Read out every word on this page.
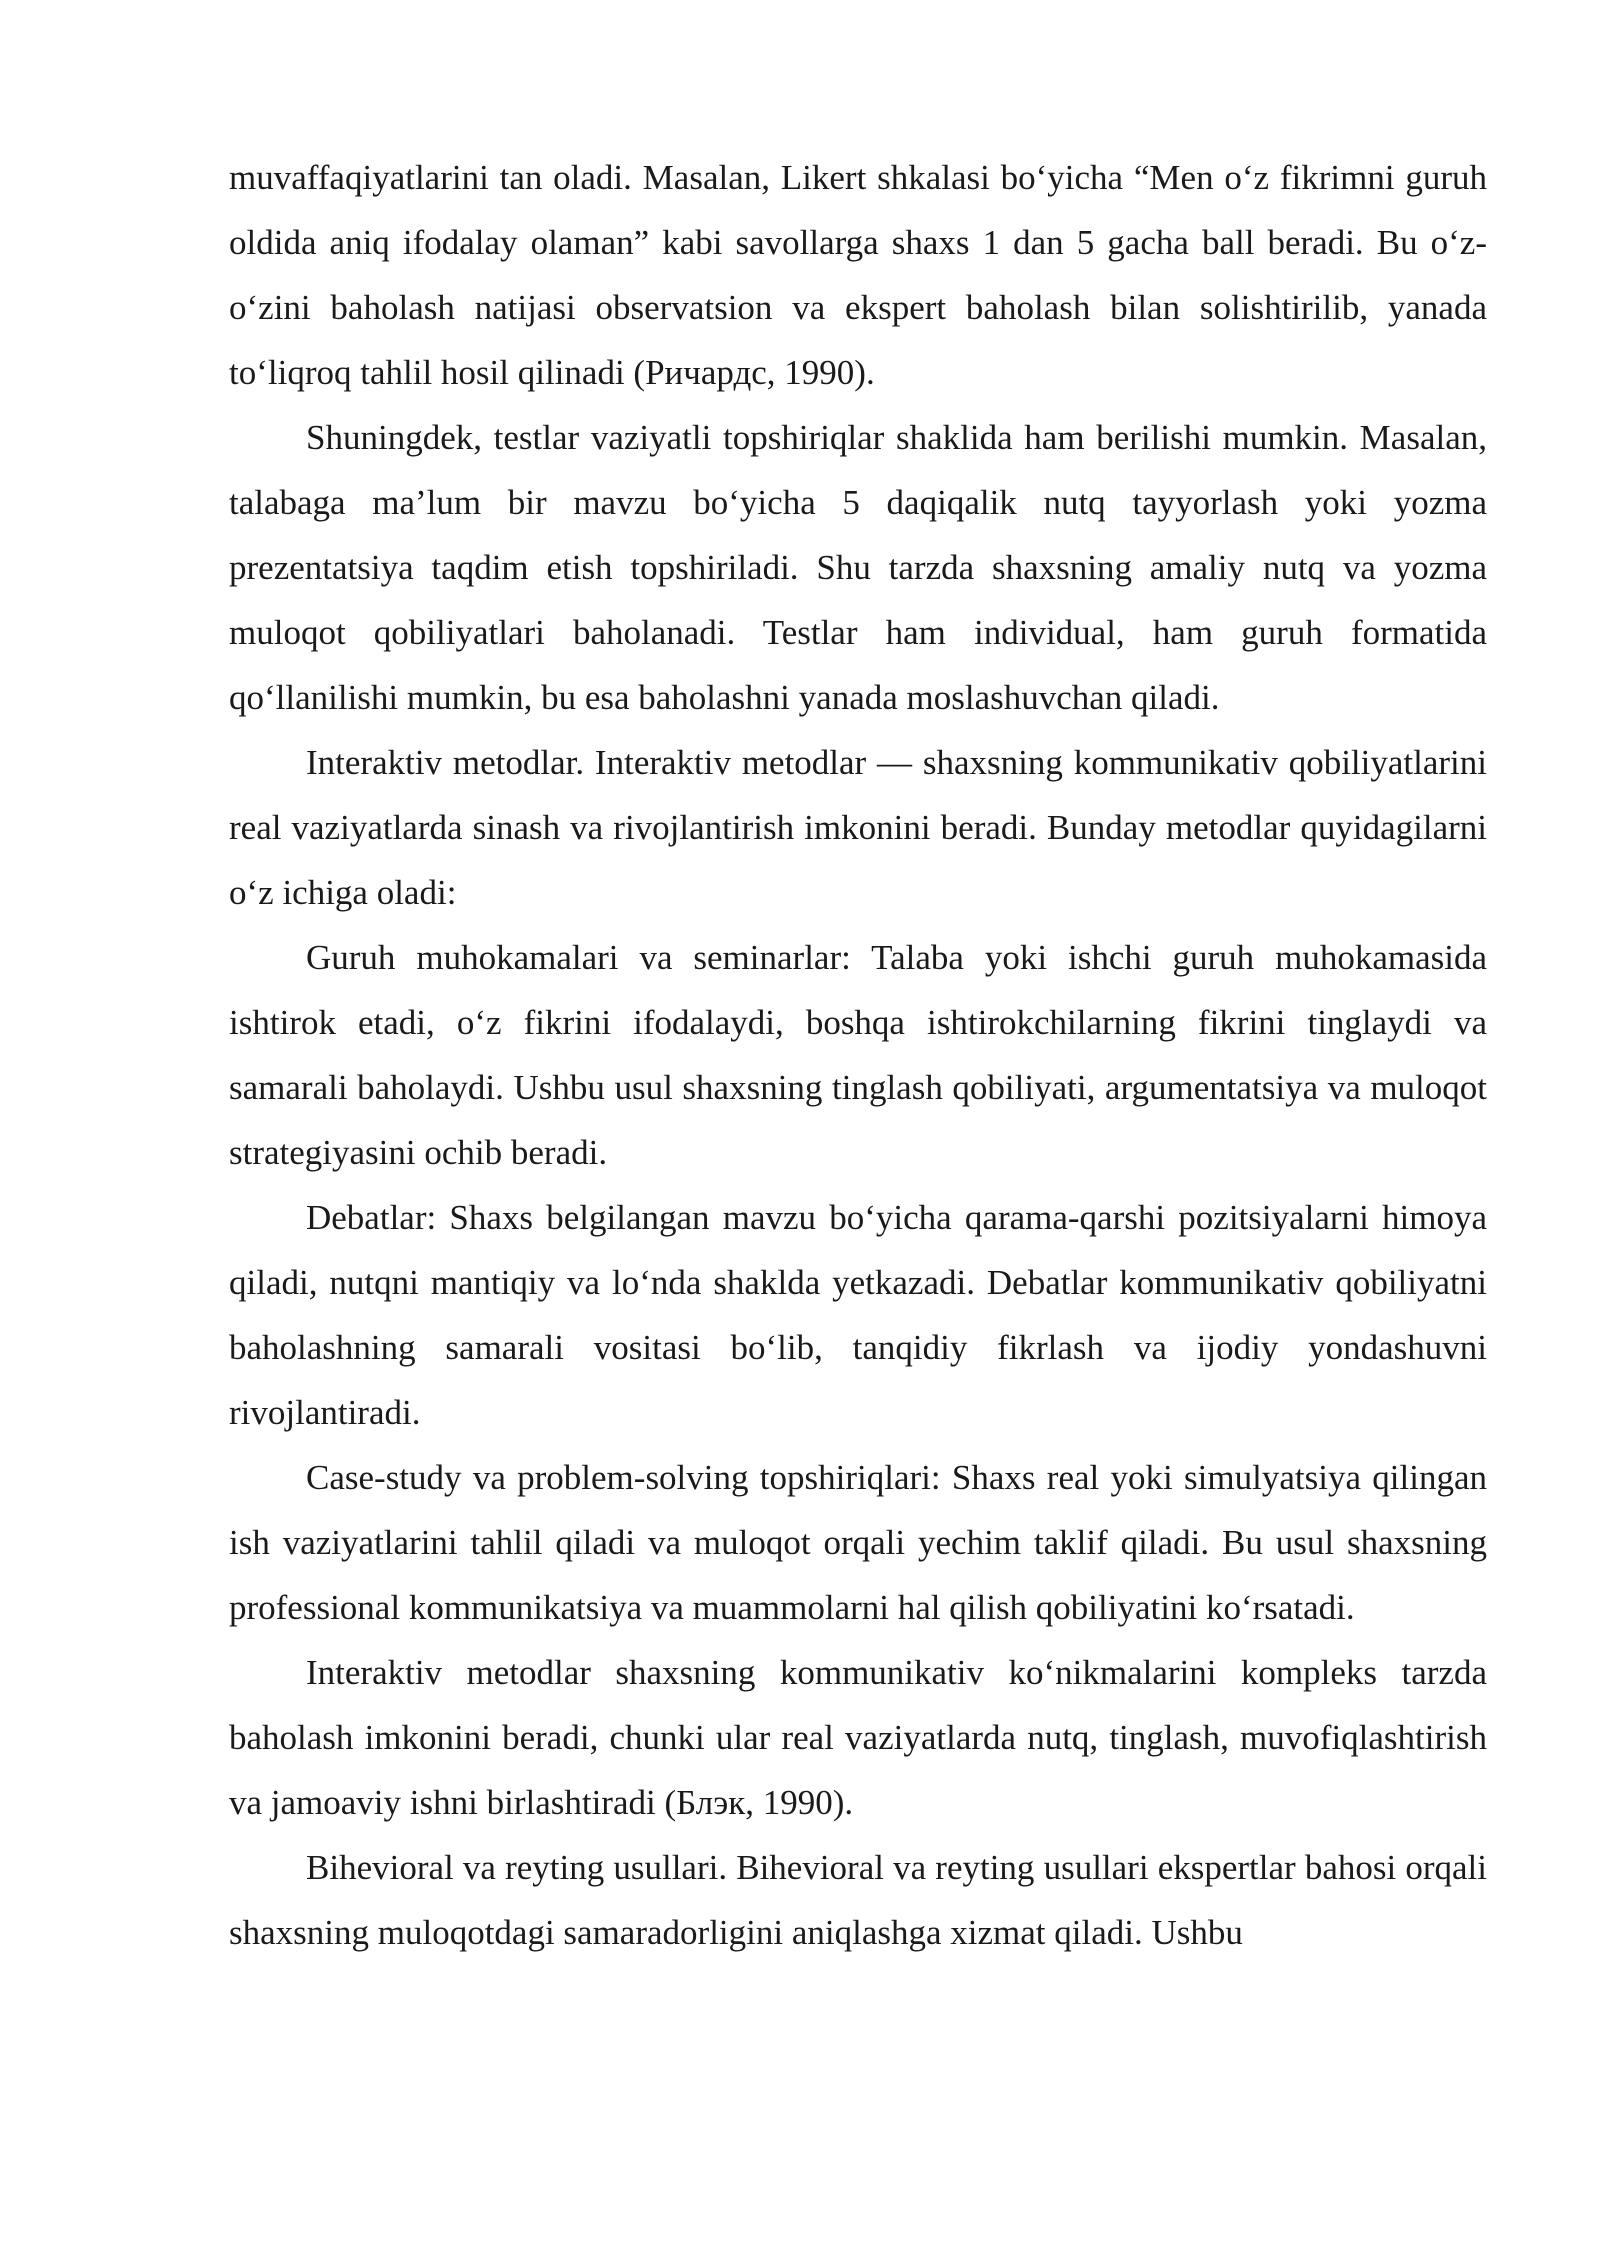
muvaffaqiyatlarini tan oladi. Masalan, Likert shkalasi bo‘yicha “Men o‘z fikrimni guruh oldida aniq ifodalay olaman” kabi savollarga shaxs 1 dan 5 gacha ball beradi. Bu o‘z-o‘zini baholash natijasi observatsion va ekspert baholash bilan solishtirilib, yanada to‘liqroq tahlil hosil qilinadi (Ричардс, 1990).

Shuningdek, testlar vaziyatli topshiriqlar shaklida ham berilishi mumkin. Masalan, talabaga ma’lum bir mavzu bo‘yicha 5 daqiqalik nutq tayyorlash yoki yozma prezentatsiya taqdim etish topshiriladi. Shu tarzda shaxsning amaliy nutq va yozma muloqot qobiliyatlari baholanadi. Testlar ham individual, ham guruh formatida qo‘llanilishi mumkin, bu esa baholashni yanada moslashuvchan qiladi.

Interaktiv metodlar. Interaktiv metodlar — shaxsning kommunikativ qobiliyatlarini real vaziyatlarda sinash va rivojlantirish imkonini beradi. Bunday metodlar quyidagilarni o‘z ichiga oladi:

Guruh muhokamalari va seminarlar: Talaba yoki ishchi guruh muhokamasida ishtirok etadi, o‘z fikrini ifodalaydi, boshqa ishtirokchilarning fikrini tinglaydi va samarali baholaydi. Ushbu usul shaxsning tinglash qobiliyati, argumentatsiya va muloqot strategiyasini ochib beradi.

Debatlar: Shaxs belgilangan mavzu bo‘yicha qarama-qarshi pozitsiyalarni himoya qiladi, nutqni mantiqiy va lo‘nda shaklda yetkazadi. Debatlar kommunikativ qobiliyatni baholashning samarali vositasi bo‘lib, tanqidiy fikrlash va ijodiy yondashuvni rivojlantiradi.

Case-study va problem-solving topshiriqlari: Shaxs real yoki simulyatsiya qilingan ish vaziyatlarini tahlil qiladi va muloqot orqali yechim taklif qiladi. Bu usul shaxsning professional kommunikatsiya va muammolarni hal qilish qobiliyatini ko‘rsatadi.

Interaktiv metodlar shaxsning kommunikativ ko‘nikmalarini kompleks tarzda baholash imkonini beradi, chunki ular real vaziyatlarda nutq, tinglash, muvofiqlashtirish va jamoaviy ishni birlashtiradi (Блэк, 1990).

Bihevioral va reyting usullari. Bihevioral va reyting usullari ekspertlar bahosi orqali shaxsning muloqotdagi samaradorligini aniqlashga xizmat qiladi. Ushbu
